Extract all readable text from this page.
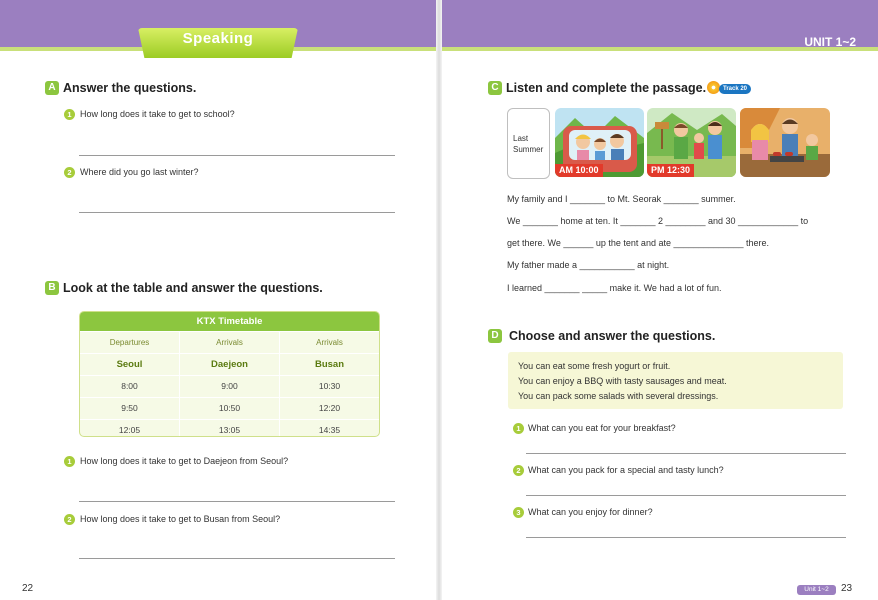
Speaking	UNIT 1~2
A Answer the questions.
1 How long does it take to get to school?
2 Where did you go last winter?
B Look at the table and answer the questions.
KTX Timetable
Departures	Arrivals	Arrivals
Seoul	Daejeon	Busan
8:00	9:00	10:30
9:50	10:50	12:20
12:05	13:05	14:35
1 How long does it take to get to Daejeon from Seoul?
2 How long does it take to get to Busan from Seoul?
C Listen and complete the passage.	Track 20
Last
Summer
AM 10:00	PM 12:30
My family and I _______ to Mt. Seorak _______ summer.
We _______ home at ten. It _______ 2 ________ and 30 ____________ to
get there. We ______ up the tent and ate ______________ there.
My father made a ___________ at night.
I learned _______ _____ make it. We had a lot of fun.
D Choose and answer the questions.
You can eat some fresh yogurt or fruit.
You can enjoy a BBQ with tasty sausages and meat.
You can pack some salads with several dressings.
1 What can you eat for your breakfast?
2 What can you pack for a special and tasty lunch?
3 What can you enjoy for dinner?
22	Unit 1~2	23
